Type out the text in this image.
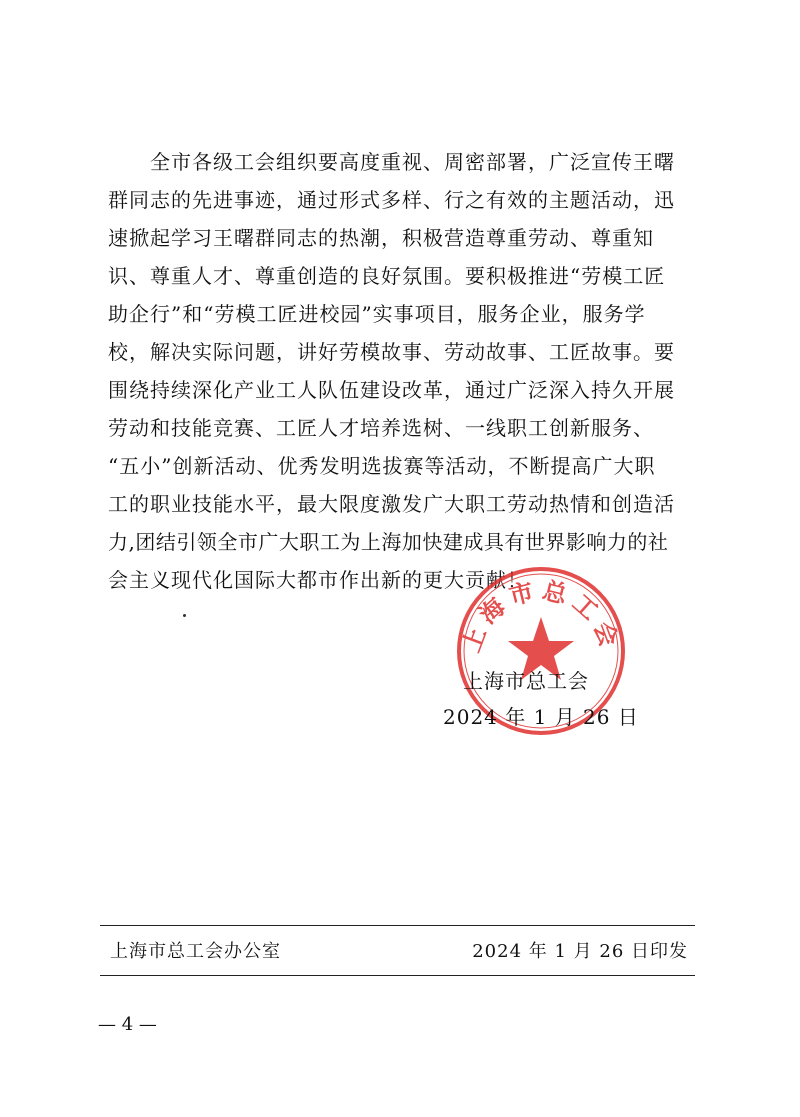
全市各级工会组织要高度重视、周密部署，广泛宣传王曙
群同志的先进事迹，通过形式多样、行之有效的主题活动，迅
速掀起学习王曙群同志的热潮，积极营造尊重劳动、尊重知
识、尊重人才、尊重创造的良好氛围。要积极推进“劳模工匠
助企行”和“劳模工匠进校园”实事项目，服务企业，服务学
校，解决实际问题，讲好劳模故事、劳动故事、工匠故事。要
围绕持续深化产业工人队伍建设改革，通过广泛深入持久开展
劳动和技能竞赛、工匠人才培养选树、一线职工创新服务、
“五小”创新活动、优秀发明选拔赛等活动，不断提高广大职
工的职业技能水平，最大限度激发广大职工劳动热情和创造活
力,团结引领全市广大职工为上海加快建成具有世界影响力的社
会主义现代化国际大都市作出新的更大贡献！
上海市总工会
上海市总工会
2024 年 1 月 26 日
上海市总工会办公室	2024 年 1 月 26 日印发
— 4 —
